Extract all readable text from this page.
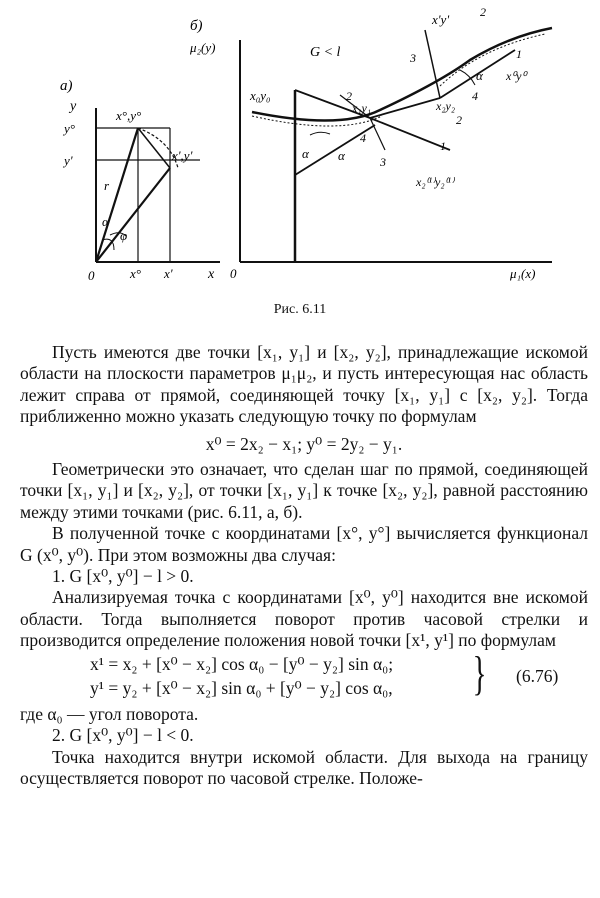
а)
y
y°
y'
x°,y°
x',y'
r
α
φ
0	x° x'	x
б)
μ₂(y)	G < l
x₀y₀
x₁y₁	x₂y₂
x₂⁽¹⁾y₂⁽¹⁾
x⁰y⁰
x'y'
α α
α
1
1
2
2
2
3
3
4
4
0	μ₁(x)
Рис. 6.11

Пусть имеются две точки [x₁, y₁] и [x₂, y₂], принадлежащие искомой области на плоскости параметров μ₁μ₂, и пусть интересующая нас область лежит справа от прямой, соединяющей точку [x₁, y₁] с [x₂, y₂]. Тогда приближенно можно указать следующую точку по формулам

x⁰ = 2x₂ − x₁; y⁰ = 2y₂ − y₁.

Геометрически это означает, что сделан шаг по прямой, соединяющей точки [x₁, y₁] и [x₂, y₂], от точки [x₁, y₁] к точке [x₂, y₂], равной расстоянию между этими точками (рис. 6.11, а, б).

В полученной точке с координатами [x°, y°] вычисляется функционал G (x⁰, y⁰). При этом возможны два случая:

1. G [x⁰, y⁰] − l > 0.

Анализируемая точка с координатами [x⁰, y⁰] находится вне искомой области. Тогда выполняется поворот против часовой стрелки и производится определение положения новой точки [x¹, y¹] по формулам

x¹ = x₂ + [x⁰ − x₂] cos α₀ − [y⁰ − y₂] sin α₀;
y¹ = y₂ + [x⁰ − x₂] sin α₀ + [y⁰ − y₂] cos α₀, } (6.76)

где α₀ — угол поворота.

2. G [x⁰, y⁰] − l < 0.

Точка находится внутри искомой области. Для выхода на границу осуществляется поворот по часовой стрелке. Положе-
